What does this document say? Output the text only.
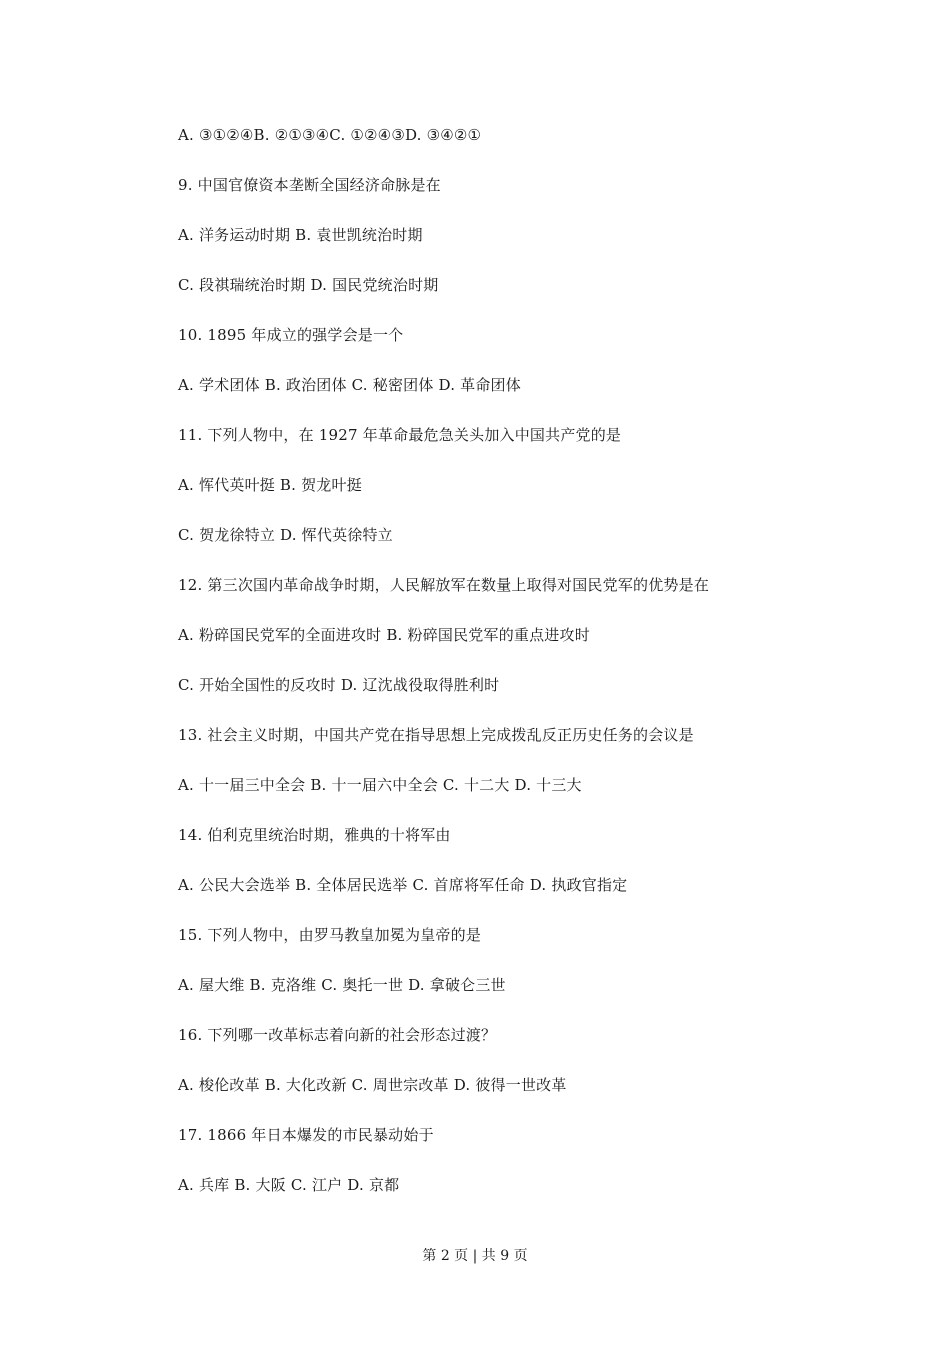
A. ③①②④B. ②①③④C. ①②④③D. ③④②①
9. 中国官僚资本垄断全国经济命脉是在
A. 洋务运动时期 B. 袁世凯统治时期
C. 段祺瑞统治时期 D. 国民党统治时期
10. 1895 年成立的强学会是一个
A. 学术团体 B. 政治团体 C. 秘密团体 D. 革命团体
11. 下列人物中，在 1927 年革命最危急关头加入中国共产党的是
A. 恽代英叶挺 B. 贺龙叶挺
C. 贺龙徐特立 D. 恽代英徐特立
12. 第三次国内革命战争时期，人民解放军在数量上取得对国民党军的优势是在
A. 粉碎国民党军的全面进攻时 B. 粉碎国民党军的重点进攻时
C. 开始全国性的反攻时 D. 辽沈战役取得胜利时
13. 社会主义时期，中国共产党在指导思想上完成拨乱反正历史任务的会议是
A. 十一届三中全会 B. 十一届六中全会 C. 十二大 D. 十三大
14. 伯利克里统治时期，雅典的十将军由
A. 公民大会选举 B. 全体居民选举 C. 首席将军任命 D. 执政官指定
15. 下列人物中，由罗马教皇加冕为皇帝的是
A. 屋大维 B. 克洛维 C. 奥托一世 D. 拿破仑三世
16. 下列哪一改革标志着向新的社会形态过渡？
A. 梭伦改革 B. 大化改新 C. 周世宗改革 D. 彼得一世改革
17. 1866 年日本爆发的市民暴动始于
A. 兵库 B. 大阪 C. 江户 D. 京都
第 2 页 | 共 9 页
